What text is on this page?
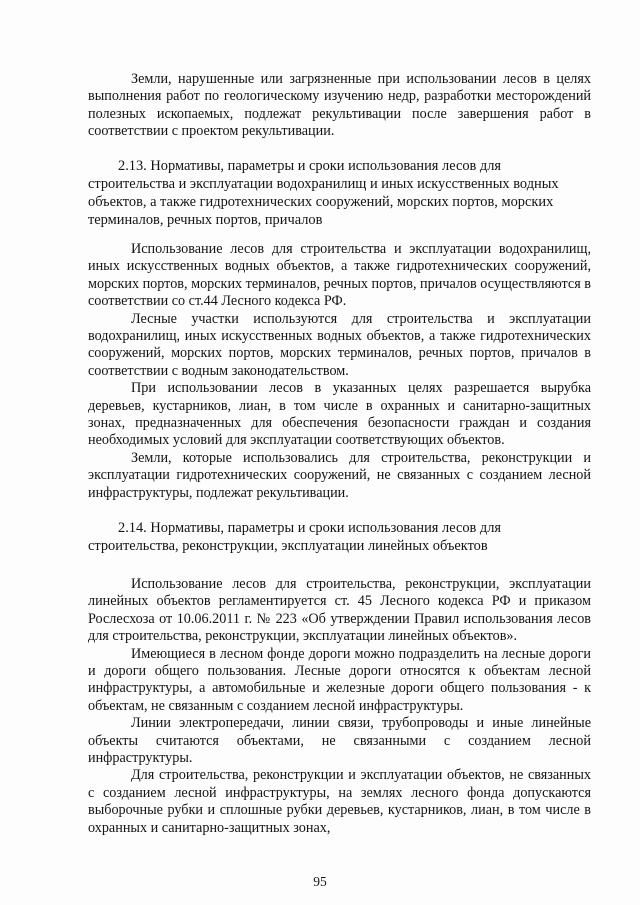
Земли, нарушенные или загрязненные при использовании лесов в целях выполнения работ по геологическому изучению недр, разработки месторождений полезных ископаемых, подлежат рекультивации после завершения работ в соответствии с проектом рекультивации.

2.13. Нормативы, параметры и сроки использования лесов для строительства и эксплуатации водохранилищ и иных искусственных водных объектов, а также гидротехнических сооружений, морских портов, морских терминалов, речных портов, причалов

Использование лесов для строительства и эксплуатации водохранилищ, иных искусственных водных объектов, а также гидротехнических сооружений, морских портов, морских терминалов, речных портов, причалов осуществляются в соответствии со ст.44 Лесного кодекса РФ.

Лесные участки используются для строительства и эксплуатации водохранилищ, иных искусственных водных объектов, а также гидротехнических сооружений, морских портов, морских терминалов, речных портов, причалов в соответствии с водным законодательством.

При использовании лесов в указанных целях разрешается вырубка деревьев, кустарников, лиан, в том числе в охранных и санитарно-защитных зонах, предназначенных для обеспечения безопасности граждан и создания необходимых условий для эксплуатации соответствующих объектов.

Земли, которые использовались для строительства, реконструкции и эксплуатации гидротехнических сооружений, не связанных с созданием лесной инфраструктуры, подлежат рекультивации.

2.14. Нормативы, параметры и сроки использования лесов для строительства, реконструкции, эксплуатации линейных объектов

Использование лесов для строительства, реконструкции, эксплуатации линейных объектов регламентируется ст. 45 Лесного кодекса РФ и приказом Рослесхоза от 10.06.2011 г. № 223 «Об утверждении Правил использования лесов для строительства, реконструкции, эксплуатации линейных объектов».

Имеющиеся в лесном фонде дороги можно подразделить на лесные дороги и дороги общего пользования. Лесные дороги относятся к объектам лесной инфраструктуры, а автомобильные и железные дороги общего пользования - к объектам, не связанным с созданием лесной инфраструктуры.

Линии электропередачи, линии связи, трубопроводы и иные линейные объекты считаются объектами, не связанными с созданием лесной инфраструктуры.

Для строительства, реконструкции и эксплуатации объектов, не связанных с созданием лесной инфраструктуры, на землях лесного фонда допускаются выборочные рубки и сплошные рубки деревьев, кустарников, лиан, в том числе в охранных и санитарно-защитных зонах,

95
